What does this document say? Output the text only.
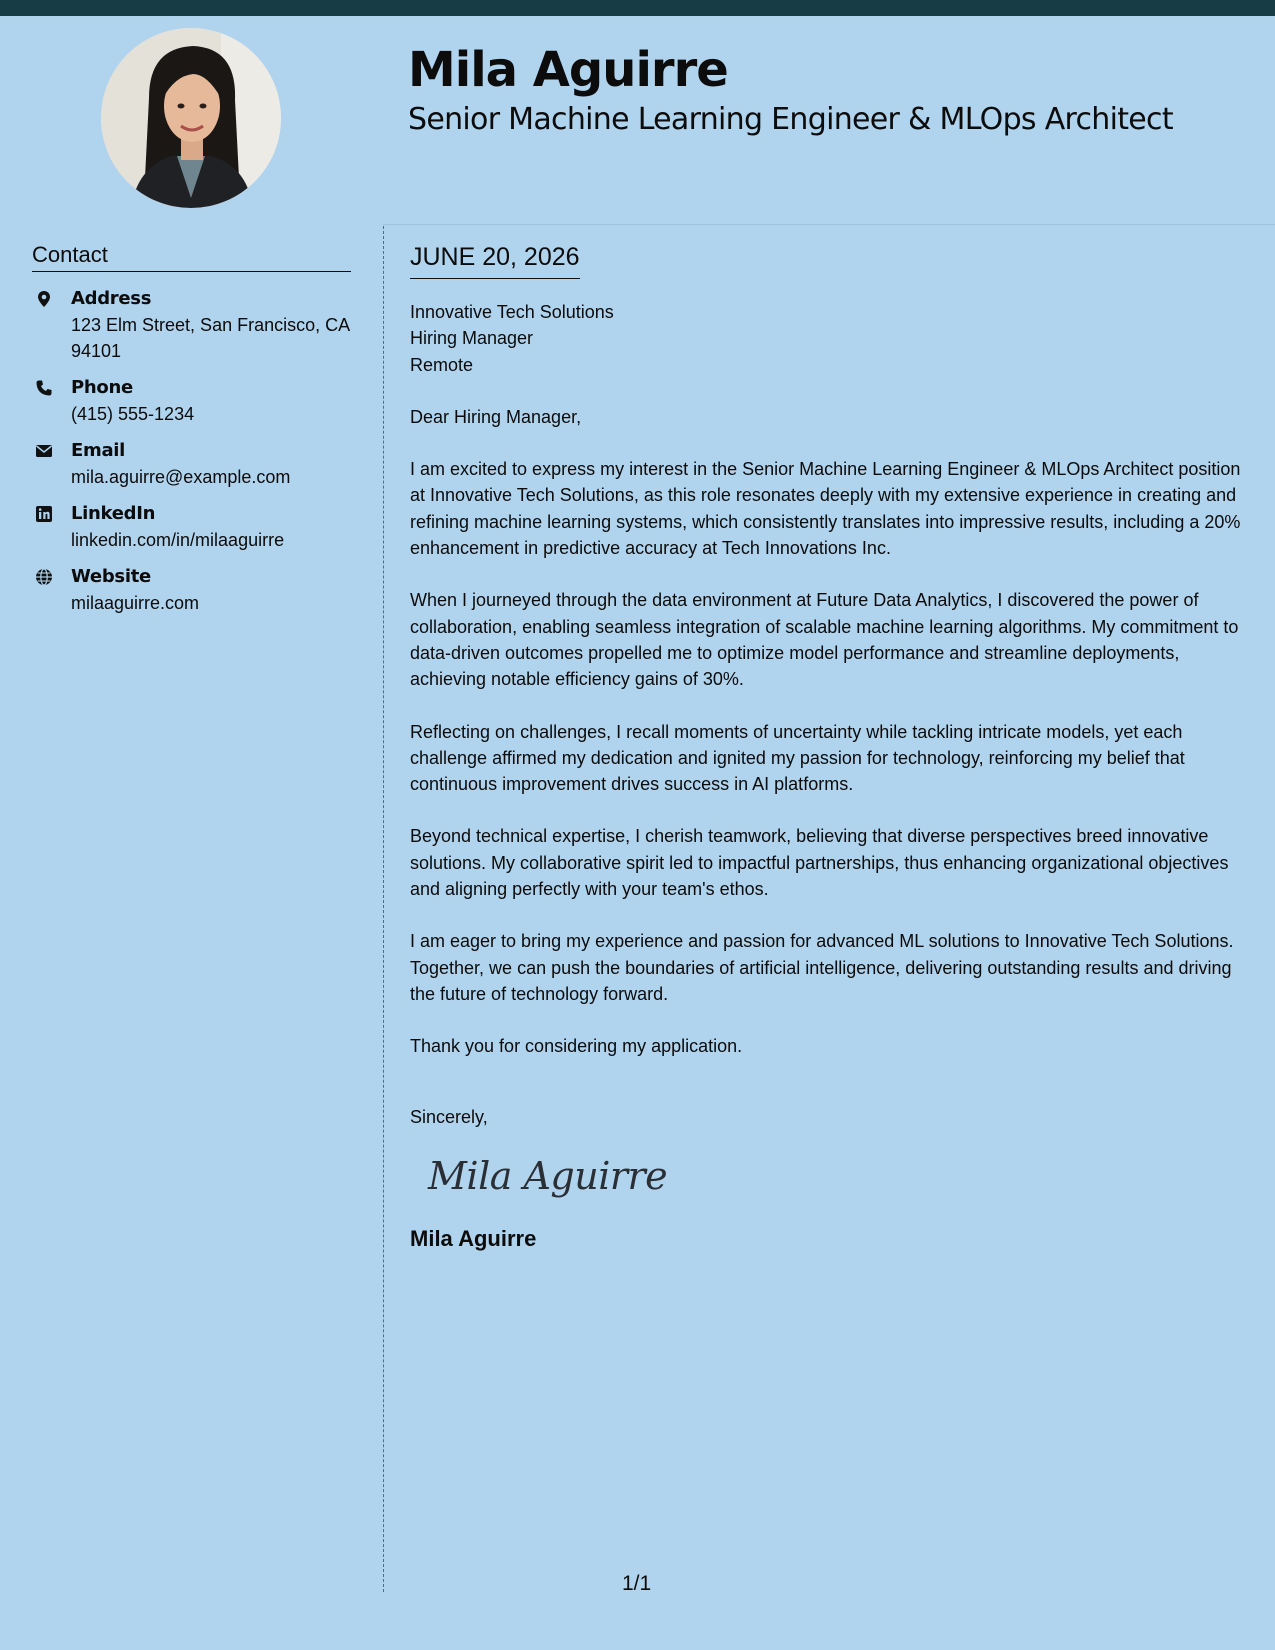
Mila Aguirre
Senior Machine Learning Engineer & MLOps Architect
Contact
Address
123 Elm Street, San Francisco, CA 94101
Phone
(415) 555-1234
Email
mila.aguirre@example.com
LinkedIn
linkedin.com/in/milaaguirre
Website
milaaguirre.com
JUNE 20, 2026
Innovative Tech Solutions
Hiring Manager
Remote

Dear Hiring Manager,

I am excited to express my interest in the Senior Machine Learning Engineer & MLOps Architect position at Innovative Tech Solutions, as this role resonates deeply with my extensive experience in creating and refining machine learning systems, which consistently translates into impressive results, including a 20% enhancement in predictive accuracy at Tech Innovations Inc.

When I journeyed through the data environment at Future Data Analytics, I discovered the power of collaboration, enabling seamless integration of scalable machine learning algorithms. My commitment to data-driven outcomes propelled me to optimize model performance and streamline deployments, achieving notable efficiency gains of 30%.

Reflecting on challenges, I recall moments of uncertainty while tackling intricate models, yet each challenge affirmed my dedication and ignited my passion for technology, reinforcing my belief that continuous improvement drives success in AI platforms.

Beyond technical expertise, I cherish teamwork, believing that diverse perspectives breed innovative solutions. My collaborative spirit led to impactful partnerships, thus enhancing organizational objectives and aligning perfectly with your team's ethos.

I am eager to bring my experience and passion for advanced ML solutions to Innovative Tech Solutions. Together, we can push the boundaries of artificial intelligence, delivering outstanding results and driving the future of technology forward.

Thank you for considering my application.

Sincerely,

Mila Aguirre
Mila Aguirre
1/1
